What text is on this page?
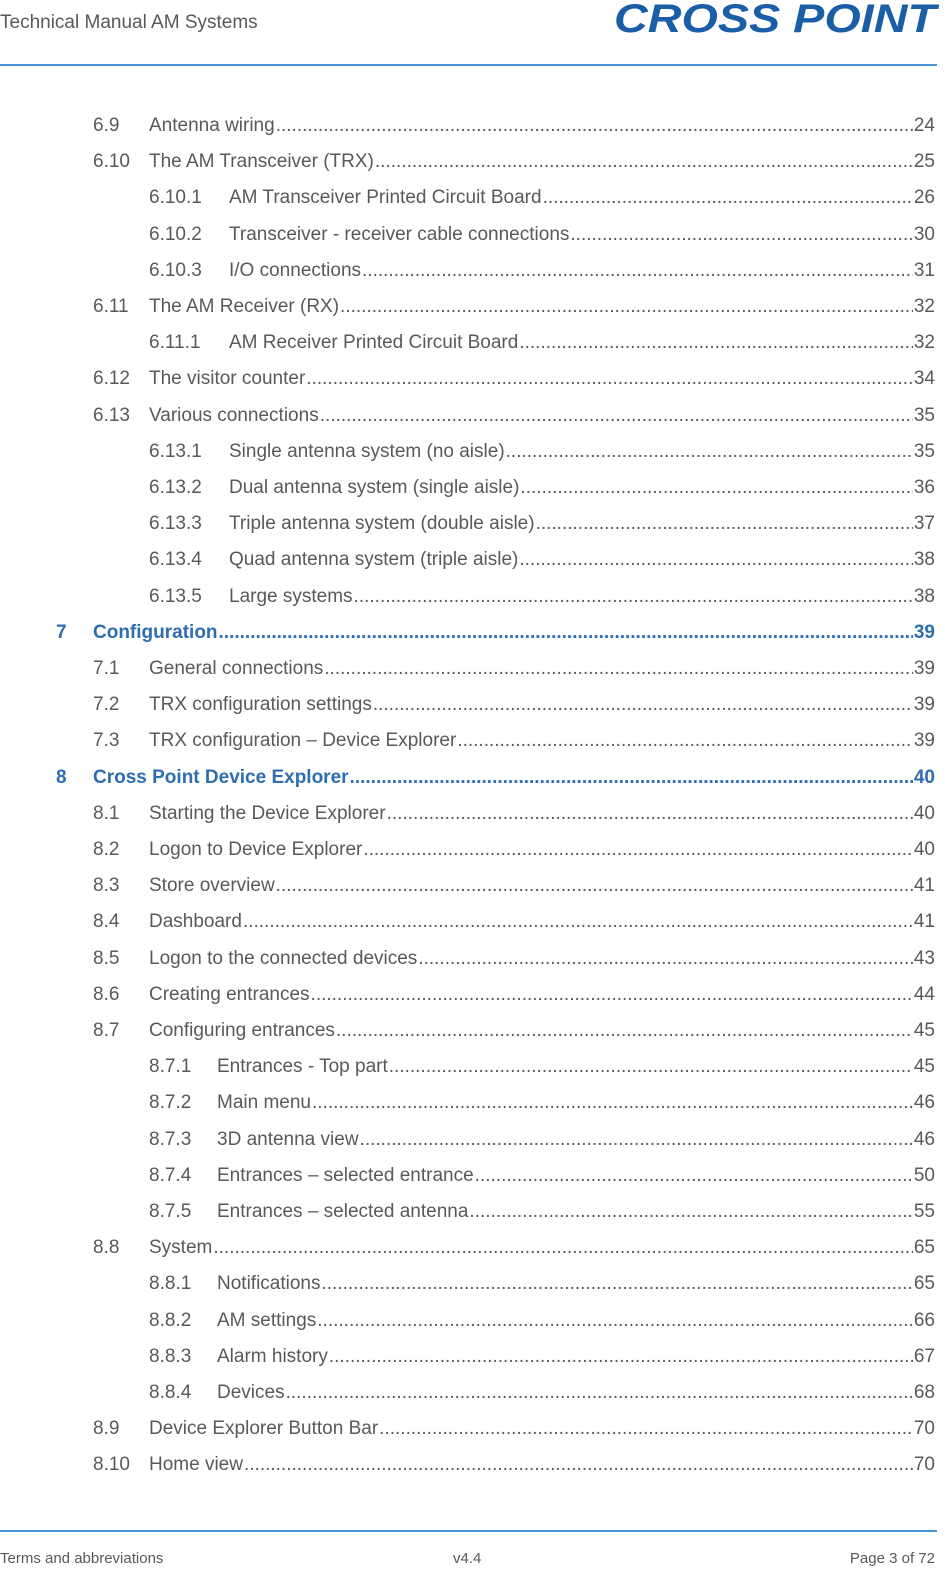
Technical Manual AM Systems	CROSS POINT
6.9 Antenna wiring .....	24
6.10 The AM Transceiver (TRX) .....	25
6.10.1 AM Transceiver Printed Circuit Board .....	26
6.10.2 Transceiver - receiver cable connections .....	30
6.10.3 I/O connections .....	31
6.11 The AM Receiver (RX) .....	32
6.11.1 AM Receiver Printed Circuit Board .....	32
6.12 The visitor counter .....	34
6.13 Various connections .....	35
6.13.1 Single antenna system (no aisle) .....	35
6.13.2 Dual antenna system (single aisle) .....	36
6.13.3 Triple antenna system (double aisle) .....	37
6.13.4 Quad antenna system (triple aisle) .....	38
6.13.5 Large systems .....	38
7 Configuration .....	39
7.1 General connections .....	39
7.2 TRX configuration settings .....	39
7.3 TRX configuration – Device Explorer .....	39
8 Cross Point Device Explorer .....	40
8.1 Starting the Device Explorer .....	40
8.2 Logon to Device Explorer .....	40
8.3 Store overview .....	41
8.4 Dashboard .....	41
8.5 Logon to the connected devices .....	43
8.6 Creating entrances .....	44
8.7 Configuring entrances .....	45
8.7.1 Entrances - Top part .....	45
8.7.2 Main menu .....	46
8.7.3 3D antenna view .....	46
8.7.4 Entrances – selected entrance .....	50
8.7.5 Entrances – selected antenna .....	55
8.8 System .....	65
8.8.1 Notifications .....	65
8.8.2 AM settings .....	66
8.8.3 Alarm history .....	67
8.8.4 Devices .....	68
8.9 Device Explorer Button Bar .....	70
8.10 Home view .....	70
Terms and abbreviations	v4.4	Page 3 of 72
